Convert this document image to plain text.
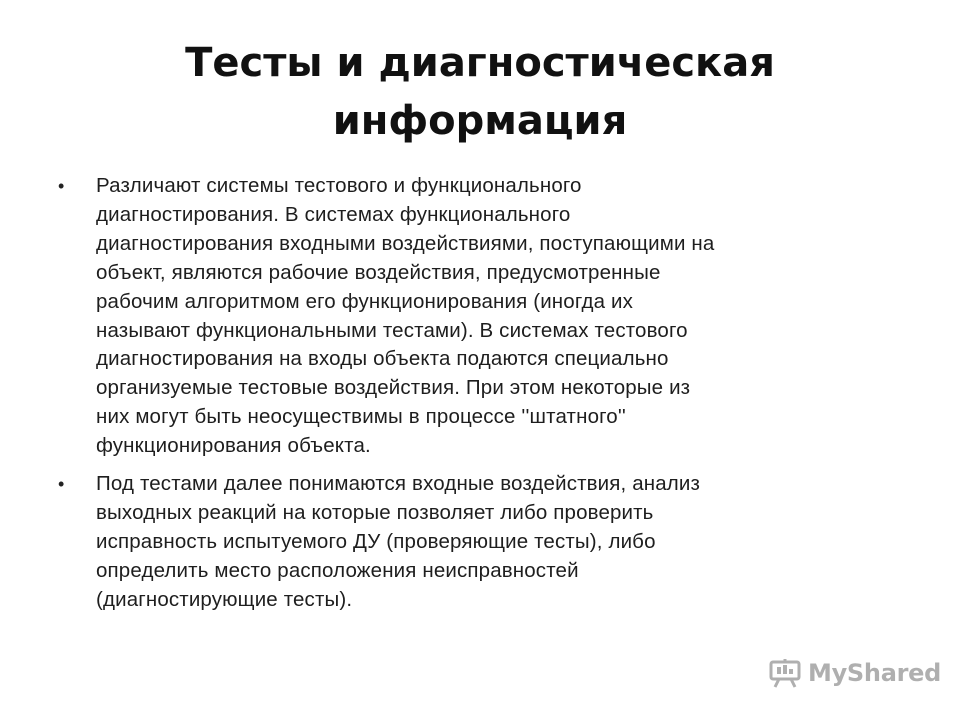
Тесты и диагностическая
информация
• Различают системы тестового и функционального
диагностирования. В системах функционального
диагностирования входными воздействиями, поступающими на
объект, являются рабочие воздействия, предусмотренные
рабочим алгоритмом его функционирования (иногда их
называют функциональными тестами). В системах тестового
диагностирования на входы объекта подаются специально
организуемые тестовые воздействия. При этом некоторые из
них могут быть неосуществимы в процессе ''штатного''
функционирования объекта.
• Под тестами далее понимаются входные воздействия, анализ
выходных реакций на которые позволяет либо проверить
исправность испытуемого ДУ (проверяющие тесты), либо
определить место расположения неисправностей
(диагностирующие тесты).
MyShared
